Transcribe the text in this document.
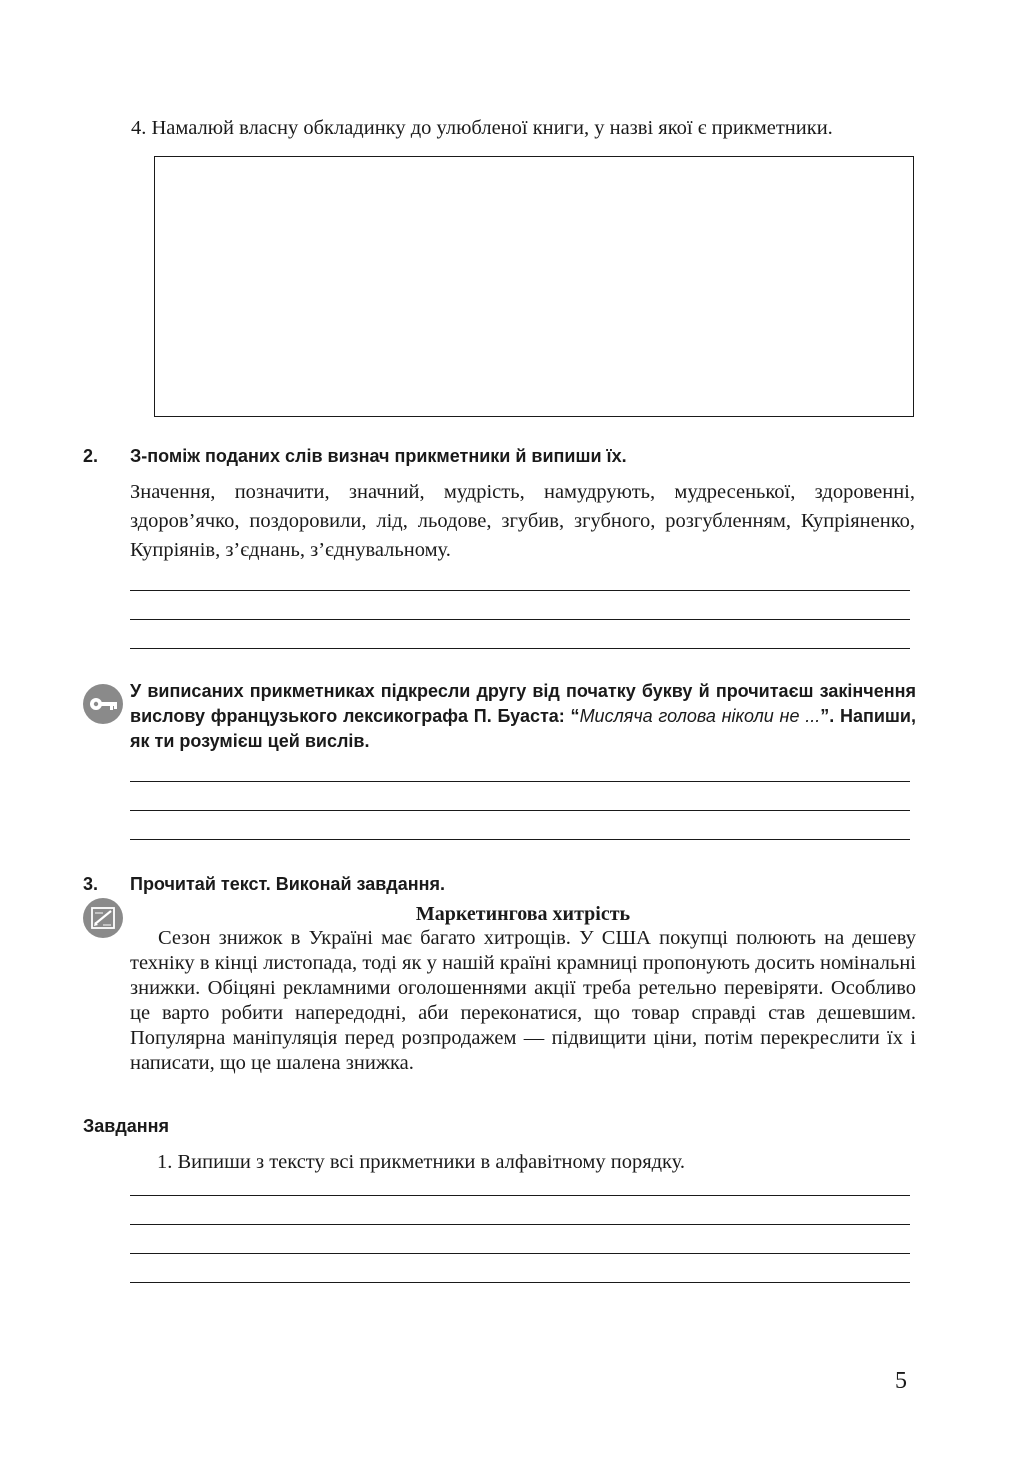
4. Намалюй власну обкладинку до улюбленої книги, у назві якої є прикметники.
2. З-поміж поданих слів визнач прикметники й випиши їх.
Значення, позначити, значний, мудрість, намудрують, мудресенької, здоровенні, здоров’ячко, поздоровили, лід, льодове, згубив, згубного, розгубленням, Купріяненко, Купріянів, з’єднань, з’єднувальному.
У виписаних прикметниках підкресли другу від початку букву й прочитаєш закінчення вислову французького лексикографа П. Буаста: “Мисляча голова ніколи не ...”. Напиши, як ти розумієш цей вислів.
3. Прочитай текст. Виконай завдання.
Маркетингова хитрість
Сезон знижок в Україні має багато хитрощів. У США покупці полюють на дешеву техніку в кінці листопада, тоді як у нашій країні крамниці пропонують досить номінальні знижки. Обіцяні рекламними оголошеннями акції треба ретельно перевіряти. Особливо це варто робити напередодні, аби переконатися, що товар справді став дешевшим. Популярна маніпуляція перед розпродажем — підвищити ціни, потім перекреслити їх і написати, що це шалена знижка.
Завдання
1. Випиши з тексту всі прикметники в алфавітному порядку.
5
